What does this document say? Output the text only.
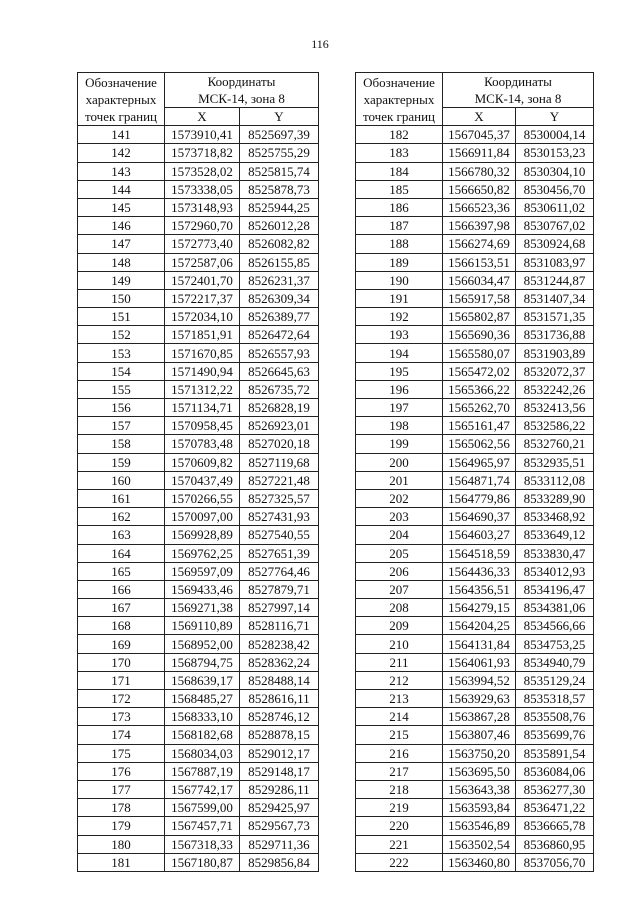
116
Обозначение
характерных
точек границ	Координаты
МСК-14, зона 8	

	X	Y
141	1573910,41	8525697,39
142	1573718,82	8525755,29
143	1573528,02	8525815,74
144	1573338,05	8525878,73
145	1573148,93	8525944,25
146	1572960,70	8526012,28
147	1572773,40	8526082,82
148	1572587,06	8526155,85
149	1572401,70	8526231,37
150	1572217,37	8526309,34
151	1572034,10	8526389,77
152	1571851,91	8526472,64
153	1571670,85	8526557,93
154	1571490,94	8526645,63
155	1571312,22	8526735,72
156	1571134,71	8526828,19
157	1570958,45	8526923,01
158	1570783,48	8527020,18
159	1570609,82	8527119,68
160	1570437,49	8527221,48
161	1570266,55	8527325,57
162	1570097,00	8527431,93
163	1569928,89	8527540,55
164	1569762,25	8527651,39
165	1569597,09	8527764,46
166	1569433,46	8527879,71
167	1569271,38	8527997,14
168	1569110,89	8528116,71
169	1568952,00	8528238,42
170	1568794,75	8528362,24
171	1568639,17	8528488,14
172	1568485,27	8528616,11
173	1568333,10	8528746,12
174	1568182,68	8528878,15
175	1568034,03	8529012,17
176	1567887,19	8529148,17
177	1567742,17	8529286,11
178	1567599,00	8529425,97
179	1567457,71	8529567,73
180	1567318,33	8529711,36
181	1567180,87	8529856,84
Обозначение
характерных
точек границ	Координаты
МСК-14, зона 8	

	X	Y
182	1567045,37	8530004,14
183	1566911,84	8530153,23
184	1566780,32	8530304,10
185	1566650,82	8530456,70
186	1566523,36	8530611,02
187	1566397,98	8530767,02
188	1566274,69	8530924,68
189	1566153,51	8531083,97
190	1566034,47	8531244,87
191	1565917,58	8531407,34
192	1565802,87	8531571,35
193	1565690,36	8531736,88
194	1565580,07	8531903,89
195	1565472,02	8532072,37
196	1565366,22	8532242,26
197	1565262,70	8532413,56
198	1565161,47	8532586,22
199	1565062,56	8532760,21
200	1564965,97	8532935,51
201	1564871,74	8533112,08
202	1564779,86	8533289,90
203	1564690,37	8533468,92
204	1564603,27	8533649,12
205	1564518,59	8533830,47
206	1564436,33	8534012,93
207	1564356,51	8534196,47
208	1564279,15	8534381,06
209	1564204,25	8534566,66
210	1564131,84	8534753,25
211	1564061,93	8534940,79
212	1563994,52	8535129,24
213	1563929,63	8535318,57
214	1563867,28	8535508,76
215	1563807,46	8535699,76
216	1563750,20	8535891,54
217	1563695,50	8536084,06
218	1563643,38	8536277,30
219	1563593,84	8536471,22
220	1563546,89	8536665,78
221	1563502,54	8536860,95
222	1563460,80	8537056,70
